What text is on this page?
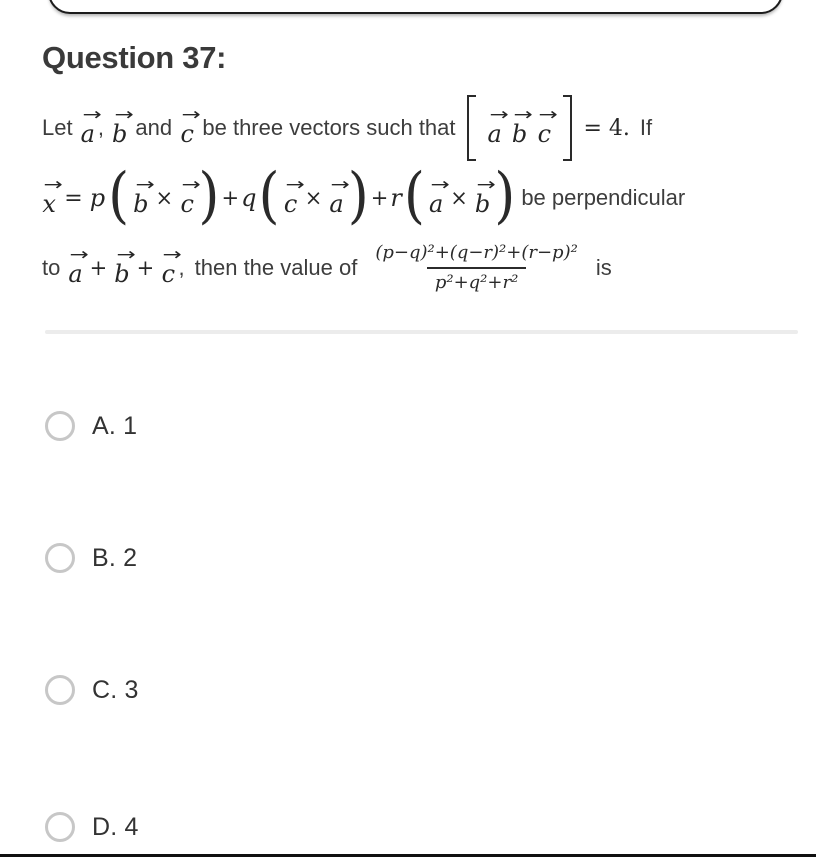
Question 37:
Let
→
a ,
→
b and
→
c be three vectors such that
→
a
→
b
→
c = 4. If
→
x = p ( →
b ×
→
c ) + q ( →
c ×
→
a ) + r ( →
a ×
→
b ) be perpendicular
to
→
a +
→
b +
→
c , then the value of $\frac{\text{(p−q)²+(q−r)²+(r−p)²}}{\text{p²+q²+r²}}$ is
A. 1
B. 2
C. 3
D. 4
